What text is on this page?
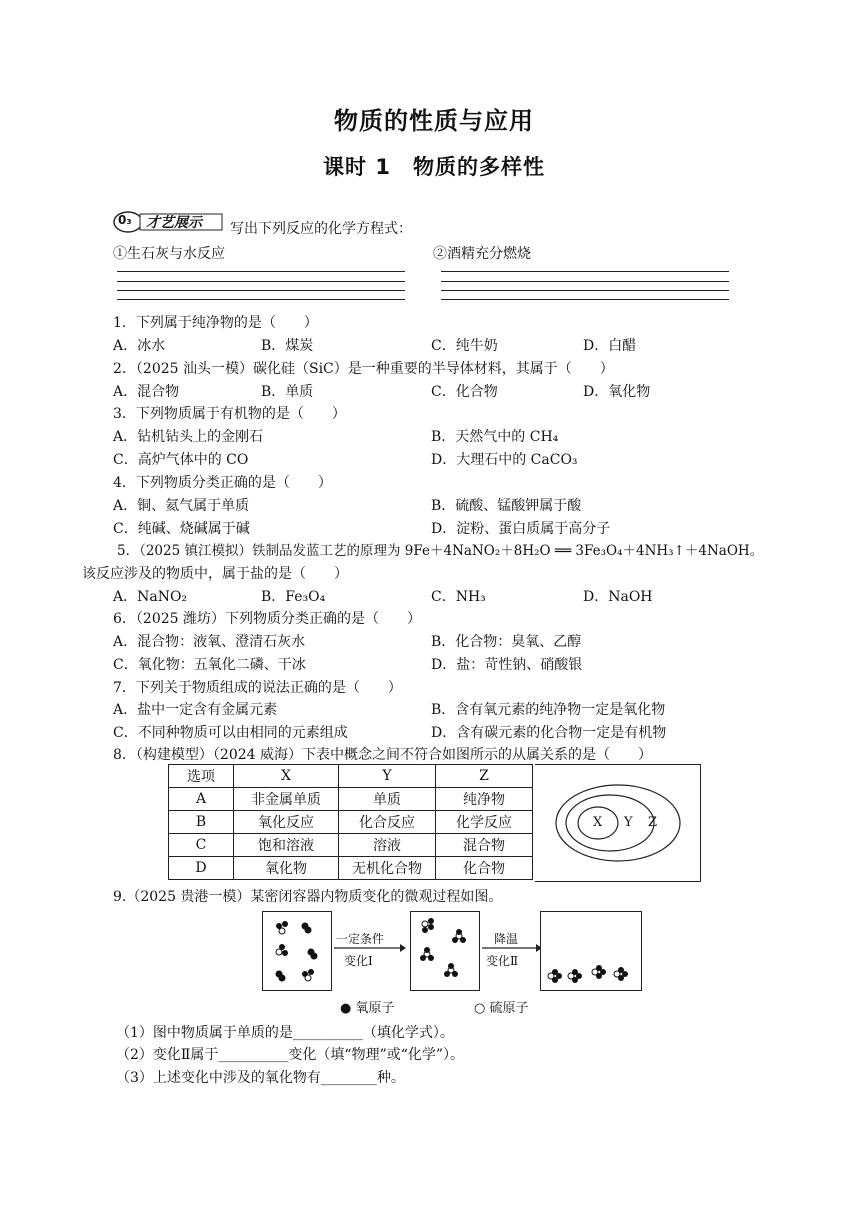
物质的性质与应用
课时 1　物质的多样性
0₃ 才艺展示 写出下列反应的化学方程式：
①生石灰与水反应	②酒精充分燃烧
1．下列属于纯净物的是（　　）
A．冰水	B．煤炭	C．纯牛奶	D．白醋
2．（2025 汕头一模）碳化硅（SiC）是一种重要的半导体材料，其属于（　　）
A．混合物	B．单质	C．化合物	D．氧化物
3．下列物质属于有机物的是（　　）
A．钻机钻头上的金刚石	B．天然气中的 CH₄
C．高炉气体中的 CO	D．大理石中的 CaCO₃
4．下列物质分类正确的是（　　）
A．铜、氦气属于单质	B．硫酸、锰酸钾属于酸
C．纯碱、烧碱属于碱	D．淀粉、蛋白质属于高分子
5．（2025 镇江模拟）铁制品发蓝工艺的原理为 9Fe＋4NaNO₂＋8H₂O ══ 3Fe₃O₄＋4NH₃↑＋4NaOH。
该反应涉及的物质中，属于盐的是（　　）
A．NaNO₂	B．Fe₃O₄	C．NH₃	D．NaOH
6．（2025 潍坊）下列物质分类正确的是（　　）
A．混合物：液氧、澄清石灰水	B．化合物：臭氧、乙醇
C．氧化物：五氧化二磷、干冰	D．盐：苛性钠、硝酸银
7．下列关于物质组成的说法正确的是（　　）
A．盐中一定含有金属元素	B．含有氧元素的纯净物一定是氧化物
C．不同种物质可以由相同的元素组成	D．含有碳元素的化合物一定是有机物
8．（构建模型）（2024 威海）下表中概念之间不符合如图所示的从属关系的是（　　）
选项	X	Y	Z
A	非金属单质	单质	纯净物
B	氧化反应	化合反应	化学反应
C	饱和溶液	溶液	混合物
D	氧化物	无机化合物	化合物
X Y Z
9.（2025 贵港一模）某密闭容器内物质变化的微观过程如图。
一定条件
变化Ⅰ
降温
变化Ⅱ
● 氧原子	○ 硫原子
（1）图中物质属于单质的是__________（填化学式）。
（2）变化Ⅱ属于__________变化（填“物理”或“化学”）。
（3）上述变化中涉及的氧化物有________种。
